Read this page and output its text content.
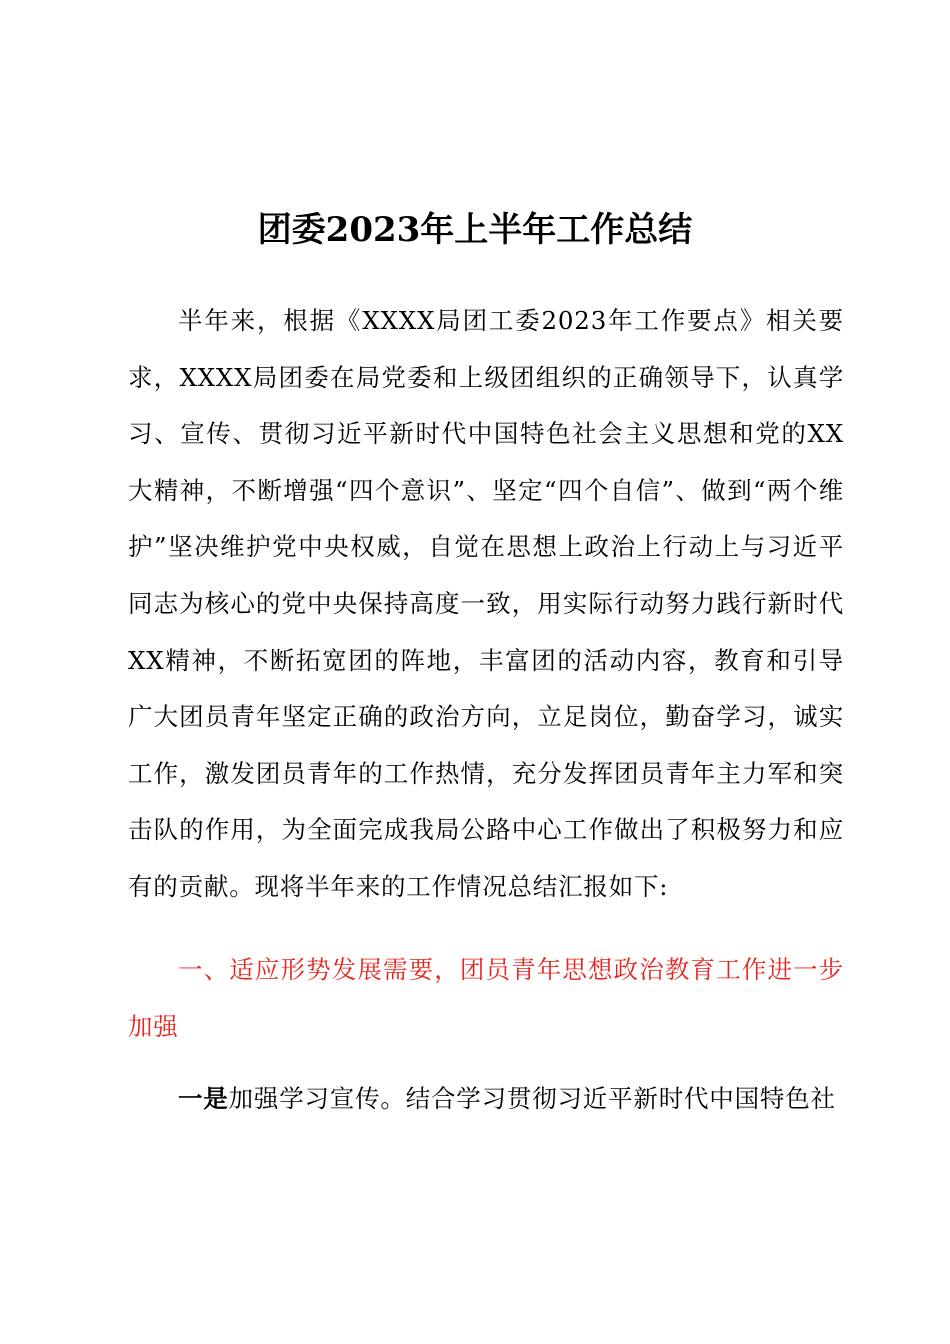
团委2023年上半年工作总结

半年来，根据《XXXX局团工委2023年工作要点》相关要求，XXXX局团委在局党委和上级团组织的正确领导下，认真学习、宣传、贯彻习近平新时代中国特色社会主义思想和党的XX大精神，不断增强“四个意识”、坚定“四个自信”、做到“两个维护”坚决维护党中央权威，自觉在思想上政治上行动上与习近平同志为核心的党中央保持高度一致，用实际行动努力践行新时代XX精神，不断拓宽团的阵地，丰富团的活动内容，教育和引导广大团员青年坚定正确的政治方向，立足岗位，勤奋学习，诚实工作，激发团员青年的工作热情，充分发挥团员青年主力军和突击队的作用，为全面完成我局公路中心工作做出了积极努力和应有的贡献。现将半年来的工作情况总结汇报如下:

一、适应形势发展需要，团员青年思想政治教育工作进一步加强

一是加强学习宣传。结合学习贯彻习近平新时代中国特色社
